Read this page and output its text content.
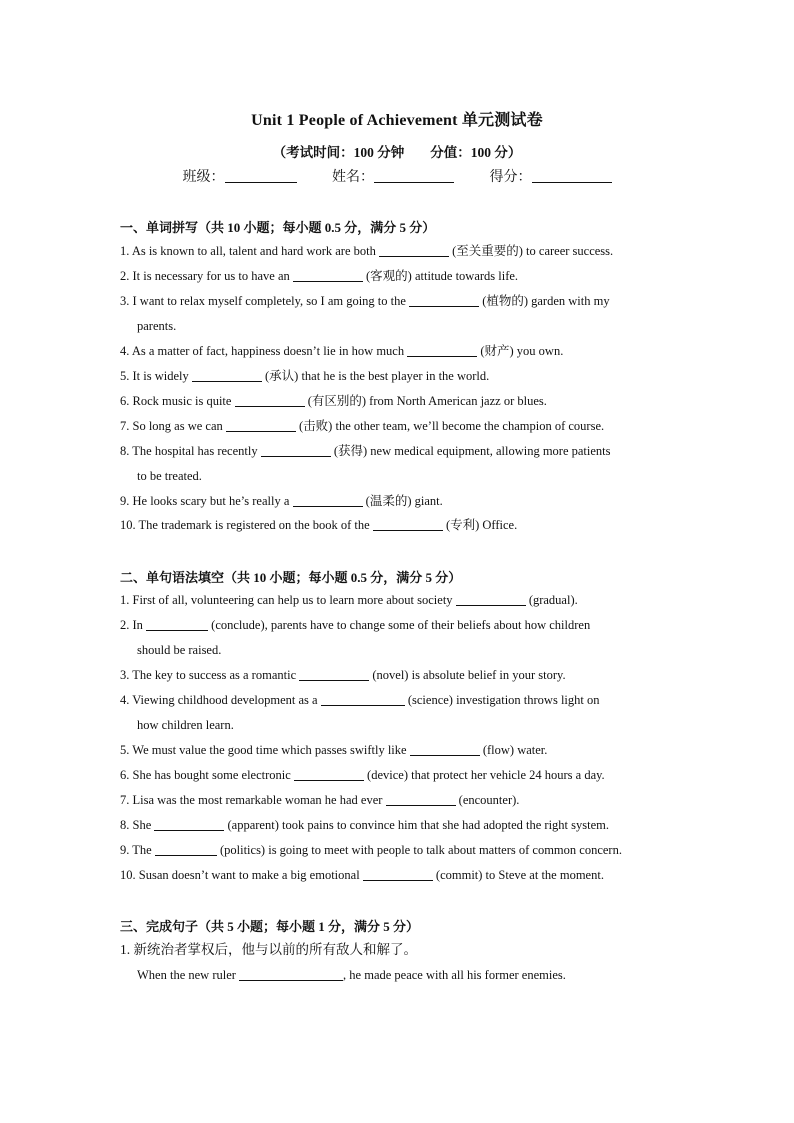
Unit 1 People of Achievement 单元测试卷
（考试时间：100 分钟 分值：100 分）
班级：	姓名：	得分：
一、单词拼写（共 10 小题；每小题 0.5 分，满分 5 分）
1. As is known to all, talent and hard work are both	(至关重要的) to career success.
2. It is necessary for us to have an	(客观的) attitude towards life.
3. I want to relax myself completely, so I am going to the	(植物的) garden with my
parents.
4. As a matter of fact, happiness doesn’t lie in how much	(财产) you own.
5. It is widely	(承认) that he is the best player in the world.
6. Rock music is quite	(有区别的) from North American jazz or blues.
7. So long as we can	(击败) the other team, we’ll become the champion of course.
8. The hospital has recently	(获得) new medical equipment, allowing more patients
to be treated.
9. He looks scary but he’s really a	(温柔的) giant.
10. The trademark is registered on the book of the	(专利) Office.
二、单句语法填空（共 10 小题；每小题 0.5 分，满分 5 分）
1. First of all, volunteering can help us to learn more about society	(gradual).
2. In	(conclude), parents have to change some of their beliefs about how children
should be raised.
3. The key to success as a romantic	(novel) is absolute belief in your story.
4. Viewing childhood development as a	(science) investigation throws light on
how children learn.
5. We must value the good time which passes swiftly like	(flow) water.
6. She has bought some electronic	(device) that protect her vehicle 24 hours a day.
7. Lisa was the most remarkable woman he had ever	(encounter).
8. She	(apparent) took pains to convince him that she had adopted the right system.
9. The	(politics) is going to meet with people to talk about matters of common concern.
10. Susan doesn’t want to make a big emotional	(commit) to Steve at the moment.
三、完成句子（共 5 小题；每小题 1 分，满分 5 分）
1. 新统治者掌权后，他与以前的所有敌人和解了。
When the new ruler	, he made peace with all his former enemies.
